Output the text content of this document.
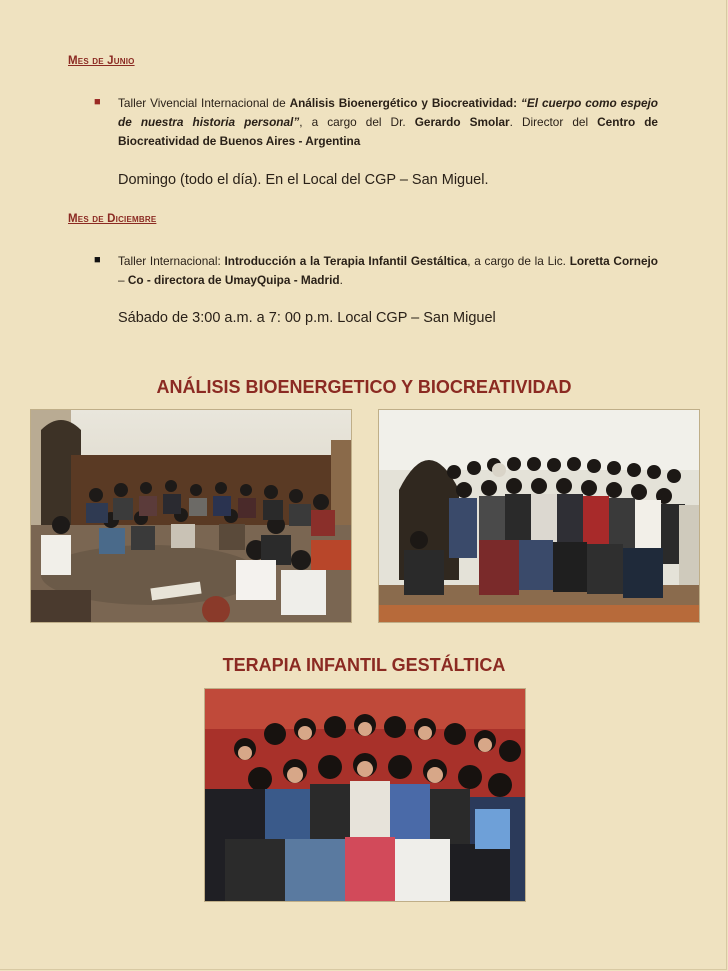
Mes de Junio
■ Taller Vivencial Internacional de Análisis Bioenergético y Biocreatividad: “El cuerpo como espejo de nuestra historia personal”, a cargo del Dr. Gerardo Smolar. Director del Centro de Biocreatividad de Buenos Aires - Argentina
Domingo (todo el día). En el Local del CGP – San Miguel.
Mes de Diciembre
■ Taller Internacional: Introducción a la Terapia Infantil Gestáltica, a cargo de la Lic. Loretta Cornejo – Co - directora de UmayQuipa - Madrid.
Sábado de 3:00 a.m. a 7: 00 p.m. Local CGP – San Miguel
ANÁLISIS BIOENERGETICO Y BIOCREATIVIDAD
TERAPIA INFANTIL GESTÁLTICA
